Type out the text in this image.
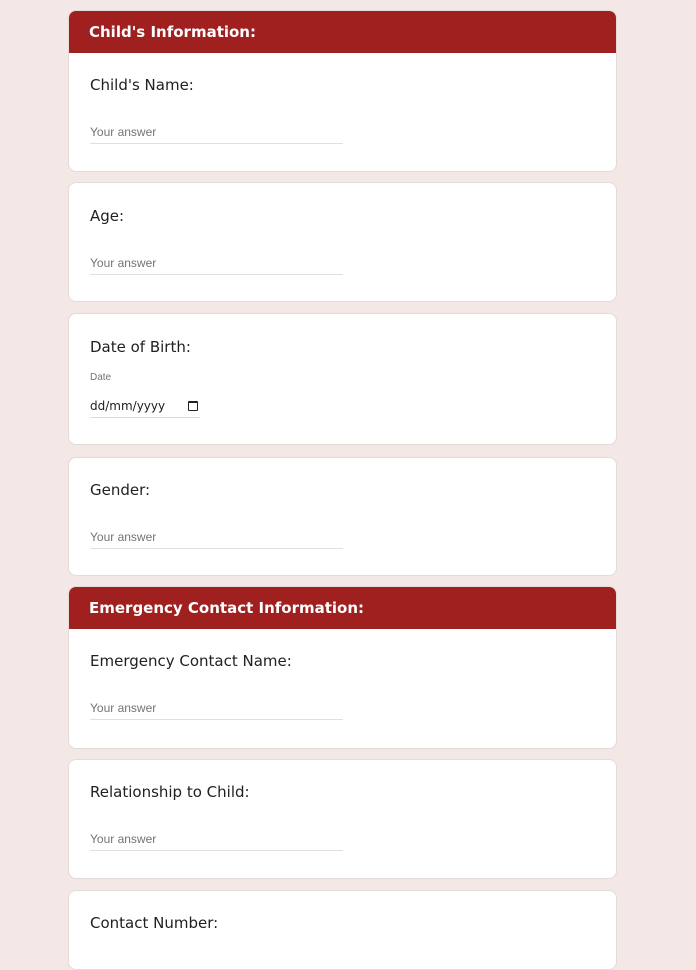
Child's Information:
Child's Name:
Your answer
Age:
Your answer
Date of Birth:
Date
dd/mm/yyyy
Gender:
Your answer
Emergency Contact Information:
Emergency Contact Name:
Your answer
Relationship to Child:
Your answer
Contact Number:
